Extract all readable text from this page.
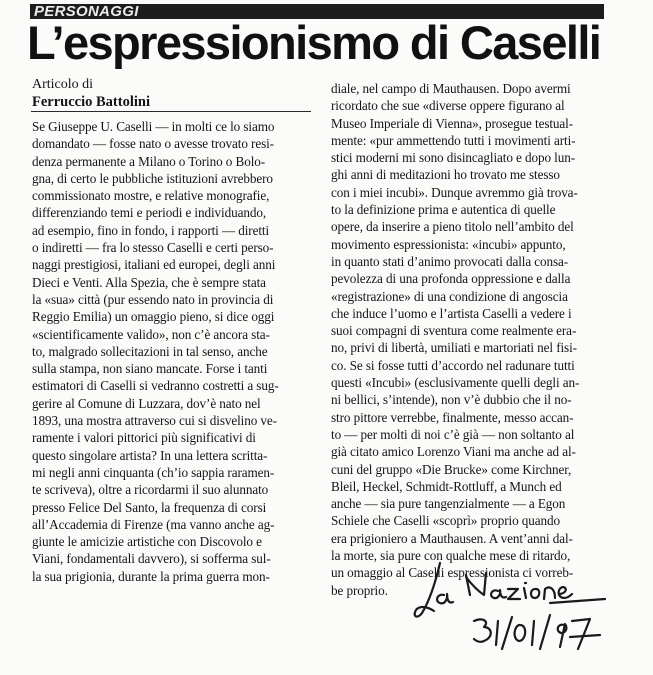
PERSONAGGI
L’espressionismo di Caselli
Articolo di
Ferruccio Battolini
Se Giuseppe U. Caselli — in molti ce lo siamo
domandato — fosse nato o avesse trovato resi-
denza permanente a Milano o Torino o Bolo-
gna, di certo le pubbliche istituzioni avrebbero
commissionato mostre, e relative monografie,
differenziando temi e periodi e individuando,
ad esempio, fino in fondo, i rapporti — diretti
o indiretti — fra lo stesso Caselli e certi perso-
naggi prestigiosi, italiani ed europei, degli anni
Dieci e Venti. Alla Spezia, che è sempre stata
la «sua» città (pur essendo nato in provincia di
Reggio Emilia) un omaggio pieno, si dice oggi
«scientificamente valido», non c’è ancora sta-
to, malgrado sollecitazioni in tal senso, anche
sulla stampa, non siano mancate. Forse i tanti
estimatori di Caselli si vedranno costretti a sug-
gerire al Comune di Luzzara, dov’è nato nel
1893, una mostra attraverso cui si disvelino ve-
ramente i valori pittorici più significativi di
questo singolare artista? In una lettera scritta-
mi negli anni cinquanta (ch’io sappia raramen-
te scriveva), oltre a ricordarmi il suo alunnato
presso Felice Del Santo, la frequenza di corsi
all’Accademia di Firenze (ma vanno anche ag-
giunte le amicizie artistiche con Discovolo e
Viani, fondamentali davvero), si sofferma sul-
la sua prigionia, durante la prima guerra mon-
diale, nel campo di Mauthausen. Dopo avermi
ricordato che sue «diverse oppere figurano al
Museo Imperiale di Vienna», prosegue testual-
mente: «pur ammettendo tutti i movimenti arti-
stici moderni mi sono disincagliato e dopo lun-
ghi anni di meditazioni ho trovato me stesso
con i miei incubi». Dunque avremmo già trova-
to la definizione prima e autentica di quelle
opere, da inserire a pieno titolo nell’ambito del
movimento espressionista: «incubi» appunto,
in quanto stati d’animo provocati dalla consa-
pevolezza di una profonda oppressione e dalla
«registrazione» di una condizione di angoscia
che induce l’uomo e l’artista Caselli a vedere i
suoi compagni di sventura come realmente era-
no, privi di libertà, umiliati e martoriati nel fisi-
co. Se si fosse tutti d’accordo nel radunare tutti
questi «Incubi» (esclusivamente quelli degli an-
ni bellici, s’intende), non v’è dubbio che il no-
stro pittore verrebbe, finalmente, messo accan-
to — per molti di noi c’è già — non soltanto al
già citato amico Lorenzo Viani ma anche ad al-
cuni del gruppo «Die Brucke» come Kirchner,
Bleil, Heckel, Schmidt-Rottluff, a Munch ed
anche — sia pure tangenzialmente — a Egon
Schiele che Caselli «scoprì» proprio quando
era prigioniero a Mauthausen. A vent’anni dal-
la morte, sia pure con qualche mese di ritardo,
un omaggio al Caselli espressionista ci vorreb-
be proprio.
